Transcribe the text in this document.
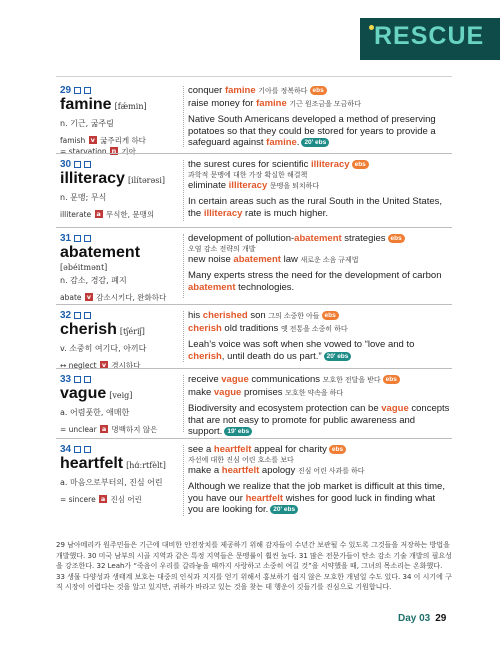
RESCUE
29
famine [fǽmin]
n. 기근, 굶주림
famish v 굶주리게 하다
= starvation n 기아
conquer famine 기아를 정복하다 ebs
raise money for famine 기근 원조금을 모금하다
Native South Americans developed a method of preserving potatoes so that they could be stored for years to provide a safeguard against famine. 20' ebs
30
illiteracy [ilítərəsi]
n. 문맹; 무식
illiterate a 무식한, 문맹의
the surest cures for scientific illiteracy ebs
과학적 문맹에 대한 가장 확실한 해결책
eliminate illiteracy 문맹을 퇴치하다
In certain areas such as the rural South in the United States, the illiteracy rate is much higher.
31
abatement
[əbéitmənt]
n. 감소, 경감, 폐지
abate v 감소시키다, 완화하다
development of pollution-abatement strategies ebs
오염 감소 전략의 개발
new noise abatement law 새로운 소음 규제법
Many experts stress the need for the development of carbon abatement technologies.
32
cherish [tʃériʃ]
v. 소중히 여기다, 아끼다
↔ neglect v 경시하다
his cherished son 그의 소중한 아들 ebs
cherish old traditions 옛 전통을 소중히 하다
Leah’s voice was soft when she vowed to “love and to cherish, until death do us part.” 20' ebs
33
vague [veig]
a. 어렴풋한, 애매한
= unclear a 명백하지 않은
receive vague communications 모호한 전달을 받다 ebs
make vague promises 모호한 약속을 하다
Biodiversity and ecosystem protection can be vague concepts that are not easy to promote for public awareness and support. 19' ebs
34
heartfelt [hɑ́ːrtfèlt]
a. 마음으로부터의, 진심 어린
= sincere a 진심 어린
see a heartfelt appeal for charity ebs
자선에 대한 진심 어린 호소를 보다
make a heartfelt apology 진심 어린 사과를 하다
Although we realize that the job market is difficult at this time, you have our heartfelt wishes for good luck in finding what you are looking for. 20' ebs
29 남아메리카 원주민들은 기근에 대비한 안전장치를 제공하기 위해 감자들이 수년간 보관될 수 있도록 그것들을 저장하는 방법을 개발했다. 30 미국 남부의 시골 지역과 같은 특정 지역들은 문맹률이 훨씬 높다. 31 많은 전문가들이 탄소 감소 기술 개발의 필요성을 강조한다. 32 Leah가 “죽음이 우리를 갈라놓을 때까지 사랑하고 소중히 여길 것”을 서약했을 때, 그녀의 목소리는 온화했다. 33 생물 다양성과 생태계 보호는 대중의 인식과 지지를 얻기 위해서 홍보하기 쉽지 않은 모호한 개념일 수도 있다. 34 이 시기에 구직 시장이 어렵다는 것을 알고 있지만, 귀하가 바라고 있는 것을 찾는 데 행운이 깃들기를 진심으로 기원합니다.
Day 03 29
